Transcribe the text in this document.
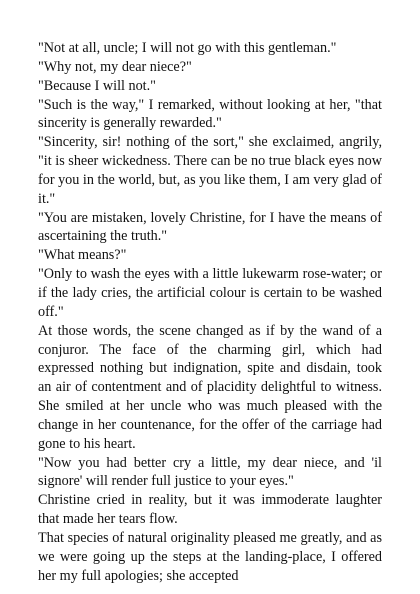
"Not at all, uncle; I will not go with this gentleman."

"Why not, my dear niece?"

"Because I will not."

"Such is the way," I remarked, without looking at her, "that sincerity is generally rewarded."

"Sincerity, sir! nothing of the sort," she exclaimed, angrily, "it is sheer wickedness. There can be no true black eyes now for you in the world, but, as you like them, I am very glad of it."

"You are mistaken, lovely Christine, for I have the means of ascertaining the truth."

"What means?"

"Only to wash the eyes with a little lukewarm rose-water; or if the lady cries, the artificial colour is certain to be washed off."

At those words, the scene changed as if by the wand of a conjuror. The face of the charming girl, which had expressed nothing but indignation, spite and disdain, took an air of contentment and of placidity delightful to witness. She smiled at her uncle who was much pleased with the change in her countenance, for the offer of the carriage had gone to his heart.

"Now you had better cry a little, my dear niece, and 'il signore' will render full justice to your eyes."

Christine cried in reality, but it was immoderate laughter that made her tears flow.

That species of natural originality pleased me greatly, and as we were going up the steps at the landing-place, I offered her my full apologies; she accepted
